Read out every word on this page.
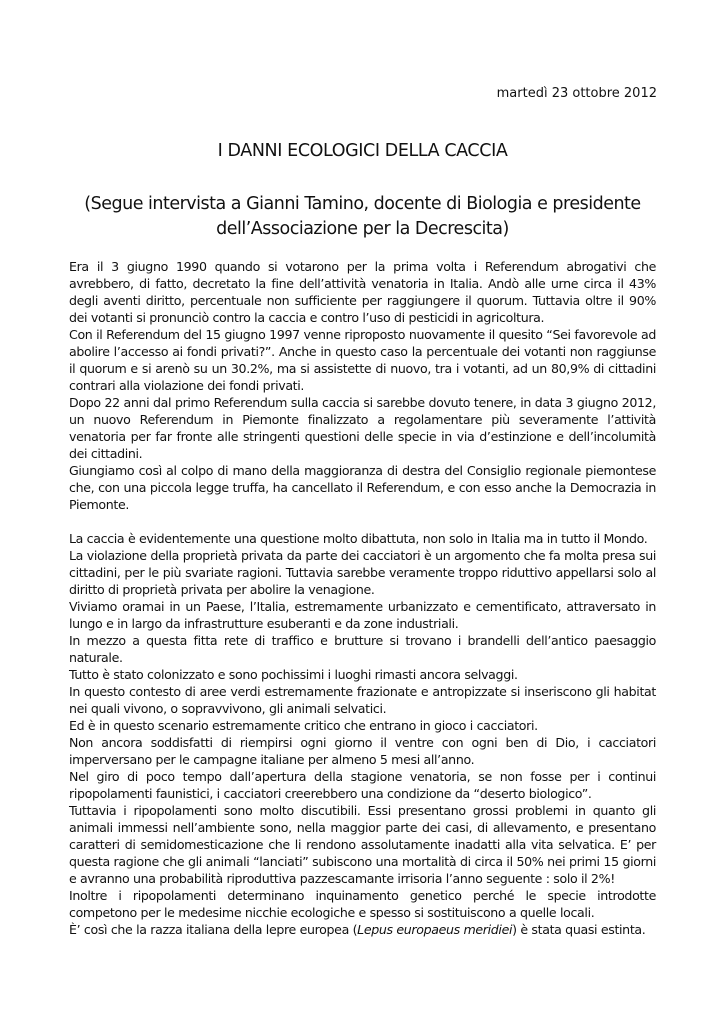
martedì 23 ottobre 2012
I DANNI ECOLOGICI DELLA CACCIA
(Segue intervista a Gianni Tamino, docente di Biologia e presidente
dell’Associazione per la Decrescita)

Era il 3 giugno 1990 quando si votarono per la prima volta i Referendum abrogativi che avrebbero, di fatto, decretato la fine dell’attività venatoria in Italia. Andò alle urne circa il 43% degli aventi diritto, percentuale non sufficiente per raggiungere il quorum. Tuttavia oltre il 90% dei votanti si pronunciò contro la caccia e contro l’uso di pesticidi in agricoltura.

Con il Referendum del 15 giugno 1997 venne riproposto nuovamente il quesito “Sei favorevole ad abolire l’accesso ai fondi privati?”. Anche in questo caso la percentuale dei votanti non raggiunse il quorum e si arenò su un 30.2%, ma si assistette di nuovo, tra i votanti, ad un 80,9% di cittadini contrari alla violazione dei fondi privati.

Dopo 22 anni dal primo Referendum sulla caccia si sarebbe dovuto tenere, in data 3 giugno 2012, un nuovo Referendum in Piemonte finalizzato a regolamentare più severamente l’attività venatoria per far fronte alle stringenti questioni delle specie in via d’estinzione e dell’incolumità dei cittadini.

Giungiamo così al colpo di mano della maggioranza di destra del Consiglio regionale piemontese che, con una piccola legge truffa, ha cancellato il Referendum, e con esso anche la Democrazia in Piemonte.

La caccia è evidentemente una questione molto dibattuta, non solo in Italia ma in tutto il Mondo.

La violazione della proprietà privata da parte dei cacciatori è un argomento che fa molta presa sui cittadini, per le più svariate ragioni. Tuttavia sarebbe veramente troppo riduttivo appellarsi solo al diritto di proprietà privata per abolire la venagione.

Viviamo oramai in un Paese, l’Italia, estremamente urbanizzato e cementificato, attraversato in lungo e in largo da infrastrutture esuberanti e da zone industriali.

In mezzo a questa fitta rete di traffico e brutture si trovano i brandelli dell’antico paesaggio naturale.

Tutto è stato colonizzato e sono pochissimi i luoghi rimasti ancora selvaggi.

In questo contesto di aree verdi estremamente frazionate e antropizzate si inseriscono gli habitat nei quali vivono, o sopravvivono, gli animali selvatici.

Ed è in questo scenario estremamente critico che entrano in gioco i cacciatori.

Non ancora soddisfatti di riempirsi ogni giorno il ventre con ogni ben di Dio, i cacciatori imperversano per le campagne italiane per almeno 5 mesi all’anno.

Nel giro di poco tempo dall’apertura della stagione venatoria, se non fosse per i continui ripopolamenti faunistici, i cacciatori creerebbero una condizione da “deserto biologico”.

Tuttavia i ripopolamenti sono molto discutibili. Essi presentano grossi problemi in quanto gli animali immessi nell’ambiente sono, nella maggior parte dei casi, di allevamento, e presentano caratteri di semidomesticazione che li rendono assolutamente inadatti alla vita selvatica. E’ per questa ragione che gli animali “lanciati” subiscono una mortalità di circa il 50% nei primi 15 giorni e avranno una probabilità riproduttiva pazzescamante irrisoria l’anno seguente : solo il 2%!

Inoltre i ripopolamenti determinano inquinamento genetico perché le specie introdotte competono per le medesime nicchie ecologiche e spesso si sostituiscono a quelle locali.

È’ così che la razza italiana della lepre europea (Lepus europaeus meridiei) è stata quasi estinta.
